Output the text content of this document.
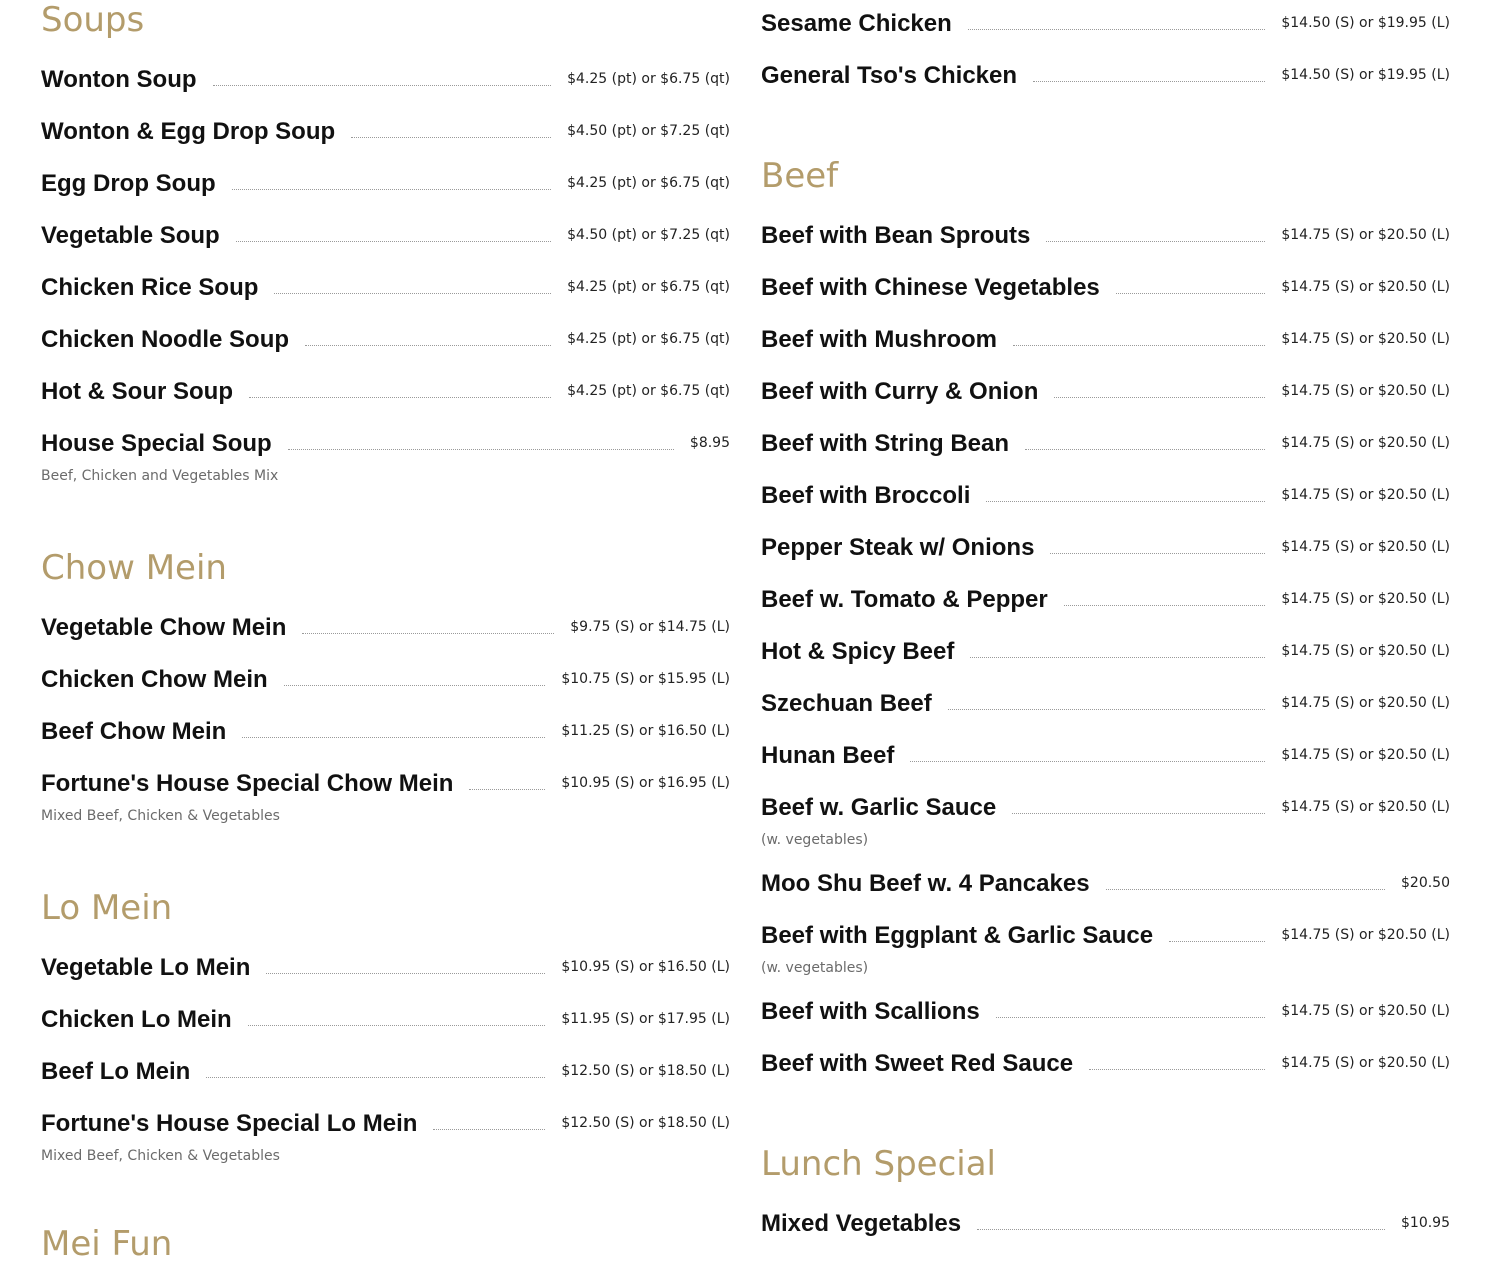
Soups
Wonton Soup	$4.25 (pt) or $6.75 (qt)
Wonton & Egg Drop Soup	$4.50 (pt) or $7.25 (qt)
Egg Drop Soup	$4.25 (pt) or $6.75 (qt)
Vegetable Soup	$4.50 (pt) or $7.25 (qt)
Chicken Rice Soup	$4.25 (pt) or $6.75 (qt)
Chicken Noodle Soup	$4.25 (pt) or $6.75 (qt)
Hot & Sour Soup	$4.25 (pt) or $6.75 (qt)
House Special Soup	$8.95
Beef, Chicken and Vegetables Mix
Chow Mein
Vegetable Chow Mein	$9.75 (S) or $14.75 (L)
Chicken Chow Mein	$10.75 (S) or $15.95 (L)
Beef Chow Mein	$11.25 (S) or $16.50 (L)
Fortune's House Special Chow Mein	$10.95 (S) or $16.95 (L)
Mixed Beef, Chicken & Vegetables
Lo Mein
Vegetable Lo Mein	$10.95 (S) or $16.50 (L)
Chicken Lo Mein	$11.95 (S) or $17.95 (L)
Beef Lo Mein	$12.50 (S) or $18.50 (L)
Fortune's House Special Lo Mein	$12.50 (S) or $18.50 (L)
Mixed Beef, Chicken & Vegetables
Mei Fun
Sesame Chicken	$14.50 (S) or $19.95 (L)
General Tso's Chicken	$14.50 (S) or $19.95 (L)
Beef
Beef with Bean Sprouts	$14.75 (S) or $20.50 (L)
Beef with Chinese Vegetables	$14.75 (S) or $20.50 (L)
Beef with Mushroom	$14.75 (S) or $20.50 (L)
Beef with Curry & Onion	$14.75 (S) or $20.50 (L)
Beef with String Bean	$14.75 (S) or $20.50 (L)
Beef with Broccoli	$14.75 (S) or $20.50 (L)
Pepper Steak w/ Onions	$14.75 (S) or $20.50 (L)
Beef w. Tomato & Pepper	$14.75 (S) or $20.50 (L)
Hot & Spicy Beef	$14.75 (S) or $20.50 (L)
Szechuan Beef	$14.75 (S) or $20.50 (L)
Hunan Beef	$14.75 (S) or $20.50 (L)
Beef w. Garlic Sauce	$14.75 (S) or $20.50 (L)
(w. vegetables)
Moo Shu Beef w. 4 Pancakes	$20.50
Beef with Eggplant & Garlic Sauce	$14.75 (S) or $20.50 (L)
(w. vegetables)
Beef with Scallions	$14.75 (S) or $20.50 (L)
Beef with Sweet Red Sauce	$14.75 (S) or $20.50 (L)
Lunch Special
Mixed Vegetables	$10.95
